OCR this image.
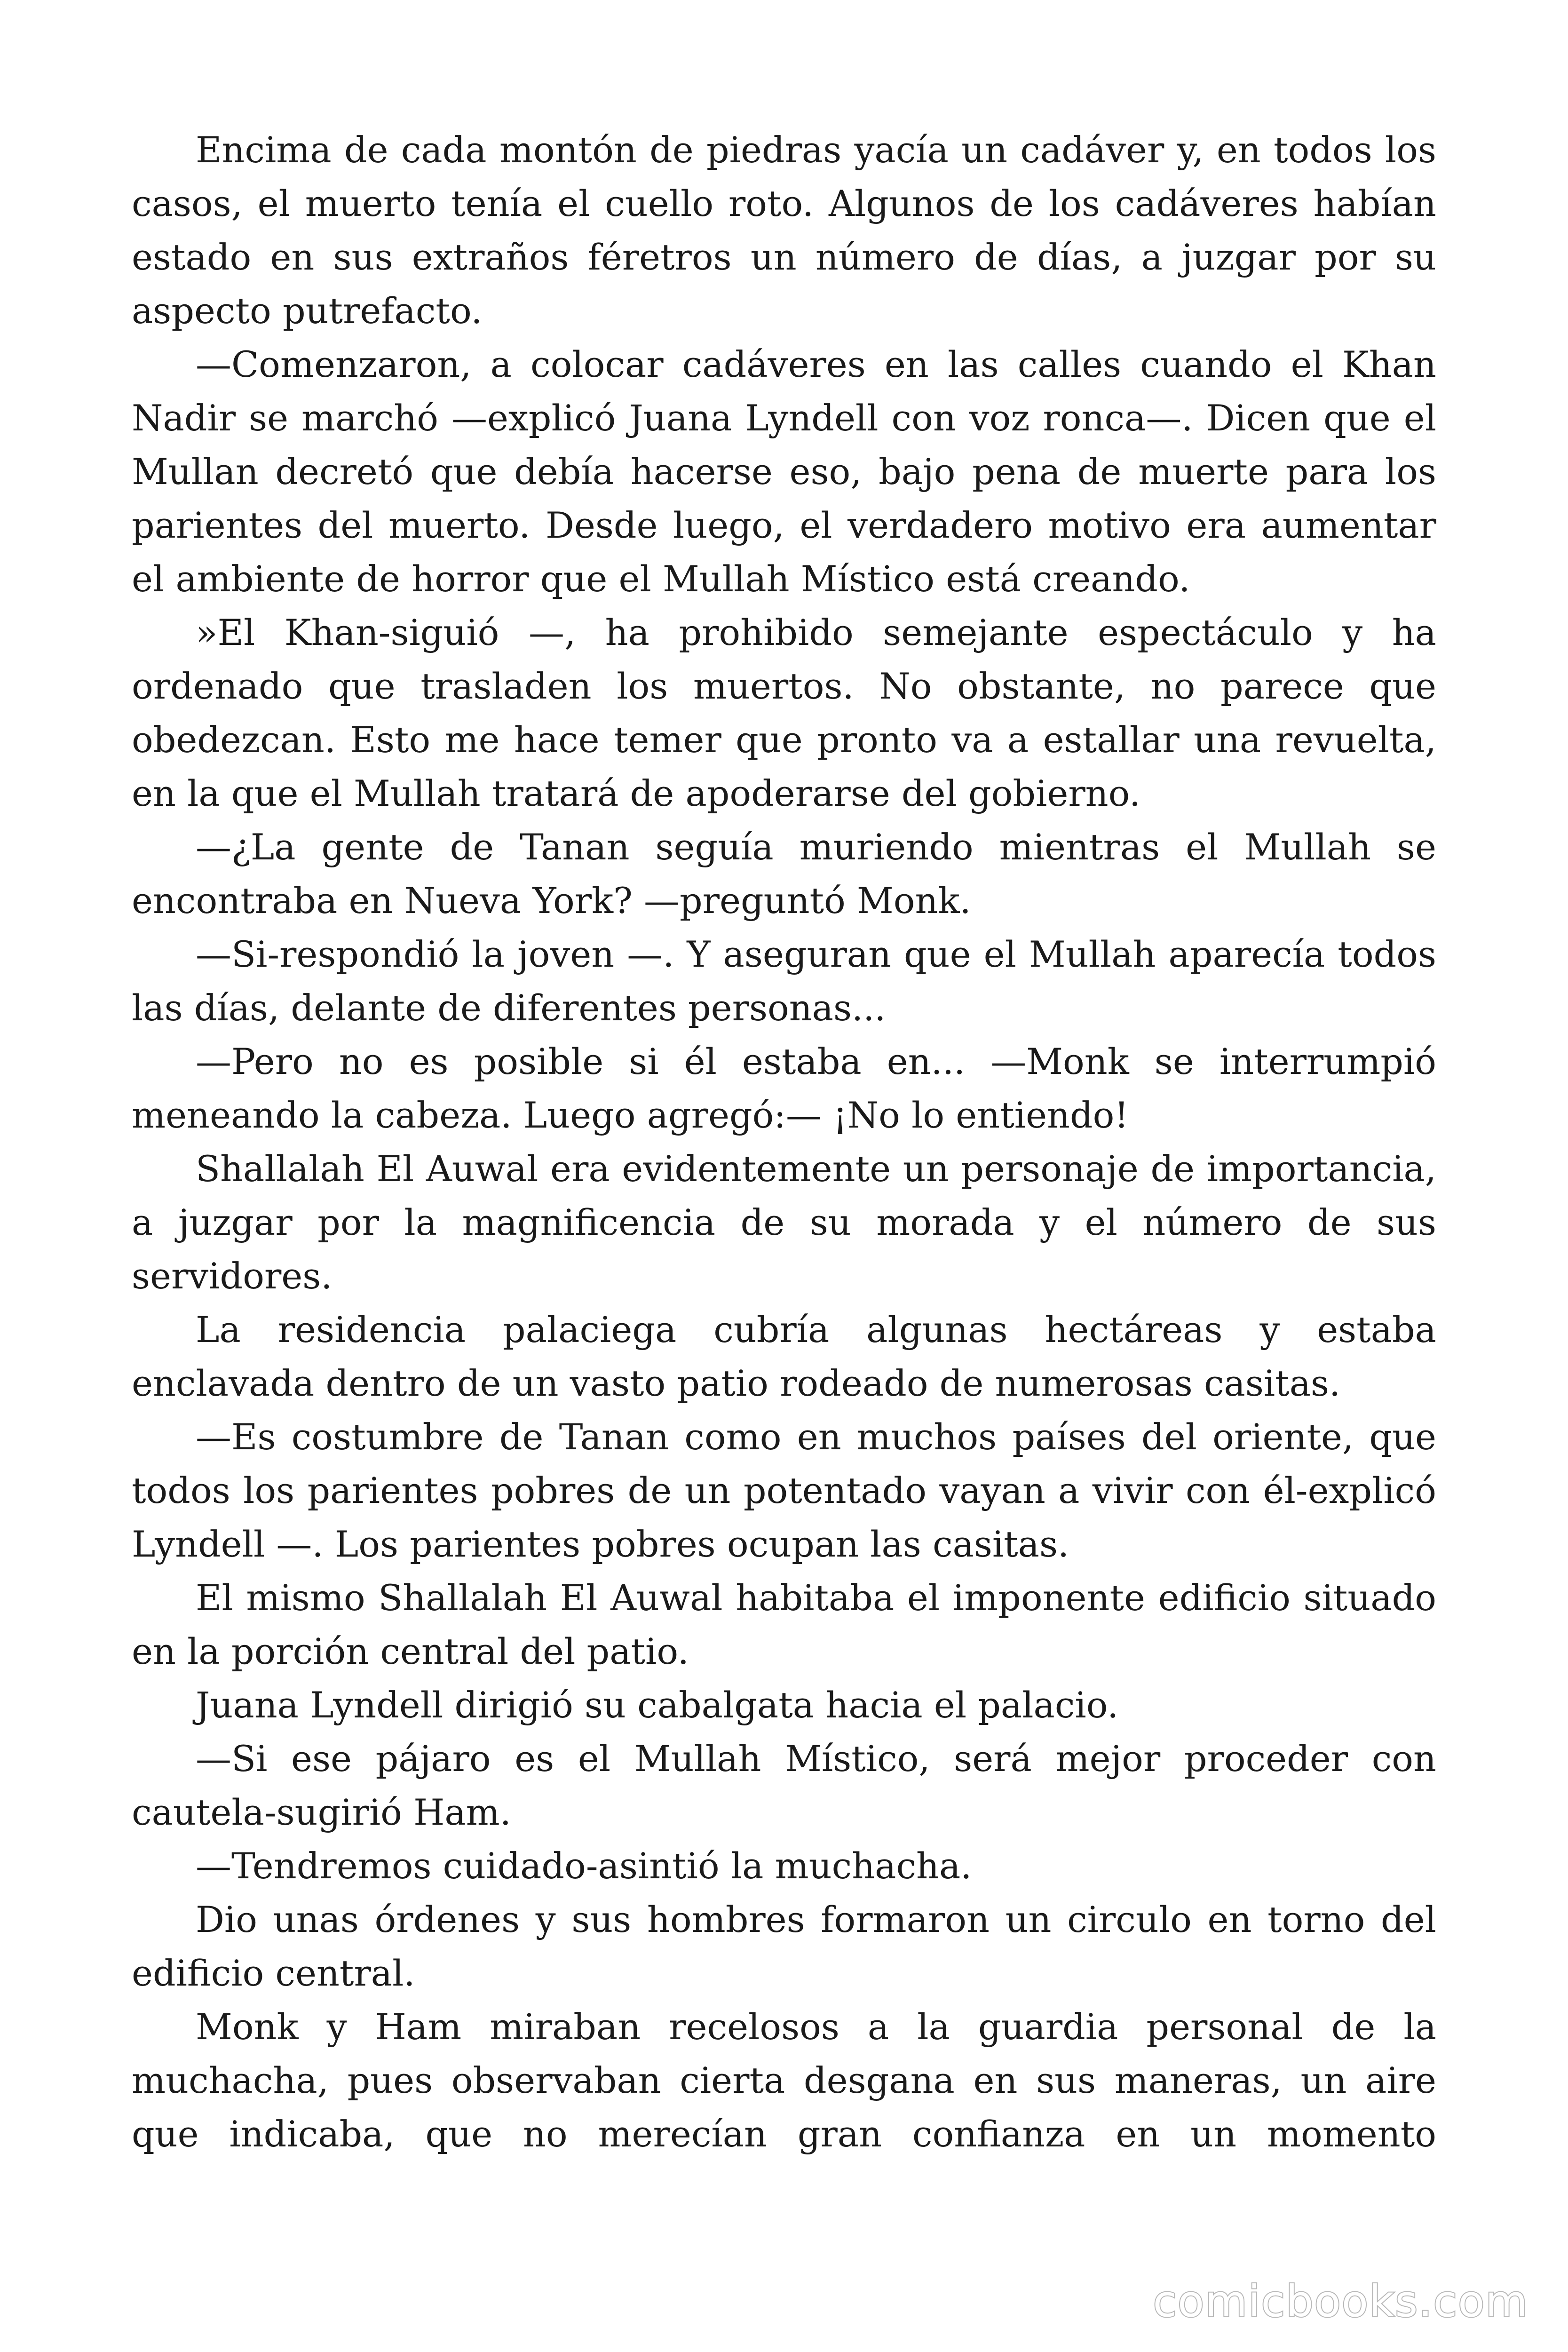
Encima de cada montón de piedras yacía un cadáver y, en todos los casos, el muerto tenía el cuello roto. Algunos de los cadáveres habían estado en sus extraños féretros un número de días, a juzgar por su aspecto putrefacto.

—Comenzaron, a colocar cadáveres en las calles cuando el Khan Nadir se marchó —explicó Juana Lyndell con voz ronca—. Dicen que el Mullan decretó que debía hacerse eso, bajo pena de muerte para los parientes del muerto. Desde luego, el verdadero motivo era aumentar el ambiente de horror que el Mullah Místico está creando.

»El Khan-siguió —, ha prohibido semejante espectáculo y ha ordenado que trasladen los muertos. No obstante, no parece que obedezcan. Esto me hace temer que pronto va a estallar una revuelta, en la que el Mullah tratará de apoderarse del gobierno.

—¿La gente de Tanan seguía muriendo mientras el Mullah se encontraba en Nueva York? —preguntó Monk.

—Si-respondió la joven —. Y aseguran que el Mullah aparecía todos las días, delante de diferentes personas...

—Pero no es posible si él estaba en... —Monk se interrumpió meneando la cabeza. Luego agregó:— ¡No lo entiendo!

Shallalah El Auwal era evidentemente un personaje de importancia, a juzgar por la magnificencia de su morada y el número de sus servidores.

La residencia palaciega cubría algunas hectáreas y estaba enclavada dentro de un vasto patio rodeado de numerosas casitas.

—Es costumbre de Tanan como en muchos países del oriente, que todos los parientes pobres de un potentado vayan a vivir con él-explicó Lyndell —. Los parientes pobres ocupan las casitas.

El mismo Shallalah El Auwal habitaba el imponente edificio situado en la porción central del patio.

Juana Lyndell dirigió su cabalgata hacia el palacio.

—Si ese pájaro es el Mullah Místico, será mejor proceder con cautela-sugirió Ham.

—Tendremos cuidado-asintió la muchacha.

Dio unas órdenes y sus hombres formaron un circulo en torno del edificio central.

Monk y Ham miraban recelosos a la guardia personal de la muchacha, pues observaban cierta desgana en sus maneras, un aire que indicaba, que no merecían gran confianza en un momento

comicbooks.com
